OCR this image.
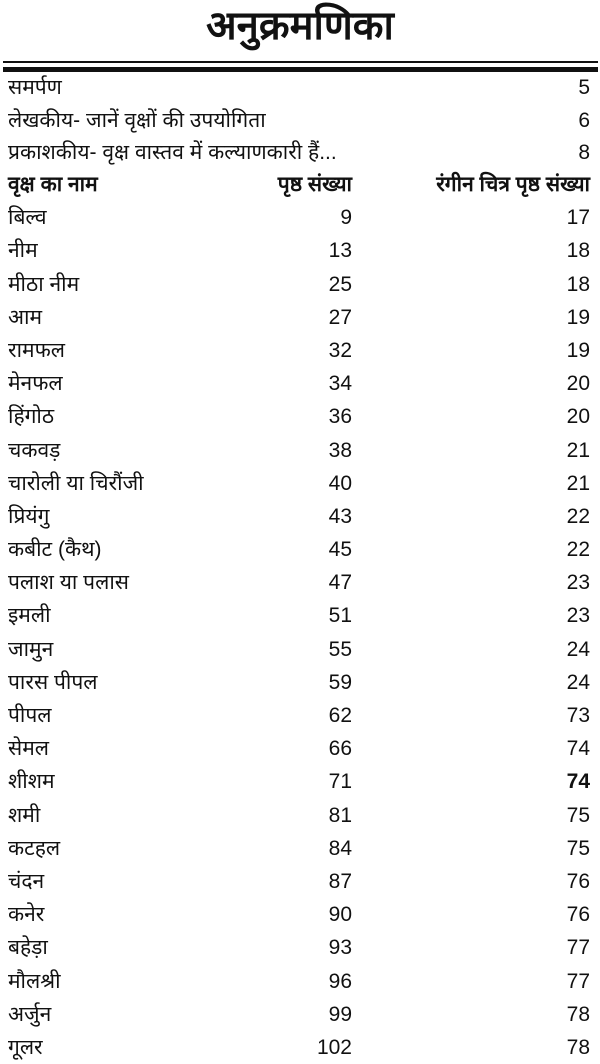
अनुक्रमणिका
समर्पण	5
लेखकीय- जानें वृक्षों की उपयोगिता	6
प्रकाशकीय- वृक्ष वास्तव में कल्याणकारी हैं...	8
वृक्ष का नाम	पृष्ठ संख्या	रंगीन चित्र पृष्ठ संख्या
बिल्व	9	17
नीम	13	18
मीठा नीम	25	18
आम	27	19
रामफल	32	19
मेनफल	34	20
हिंगोठ	36	20
चकवड़	38	21
चारोली या चिरौंजी	40	21
प्रियंगु	43	22
कबीट (कैथ)	45	22
पलाश या पलास	47	23
इमली	51	23
जामुन	55	24
पारस पीपल	59	24
पीपल	62	73
सेमल	66	74
शीशम	71	74
शमी	81	75
कटहल	84	75
चंदन	87	76
कनेर	90	76
बहेड़ा	93	77
मौलश्री	96	77
अर्जुन	99	78
गूलर	102	78
